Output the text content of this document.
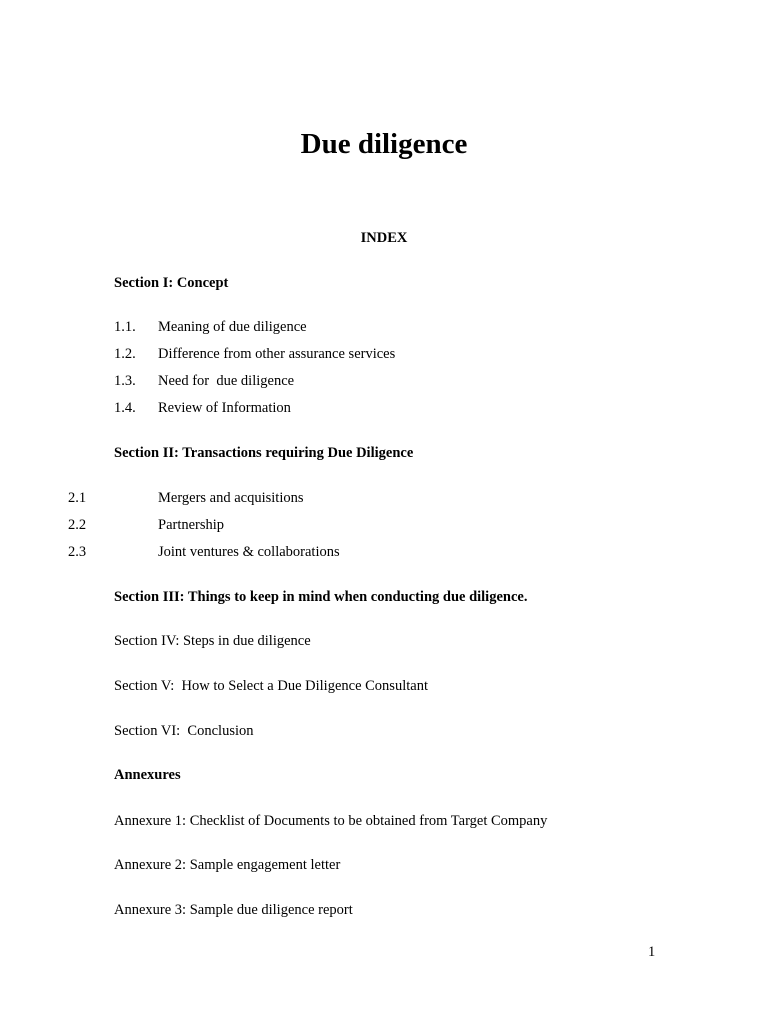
Due diligence
INDEX
Section I: Concept
1.1. Meaning of due diligence
1.2. Difference from other assurance services
1.3. Need for  due diligence
1.4. Review of Information
Section II: Transactions requiring Due Diligence
2.1	Mergers and acquisitions
2.2	Partnership
2.3	Joint ventures & collaborations
Section III: Things to keep in mind when conducting due diligence.
Section IV: Steps in due diligence
Section V:  How to Select a Due Diligence Consultant
Section VI:  Conclusion
Annexures
Annexure 1: Checklist of Documents to be obtained from Target Company
Annexure 2: Sample engagement letter
Annexure 3: Sample due diligence report
1
